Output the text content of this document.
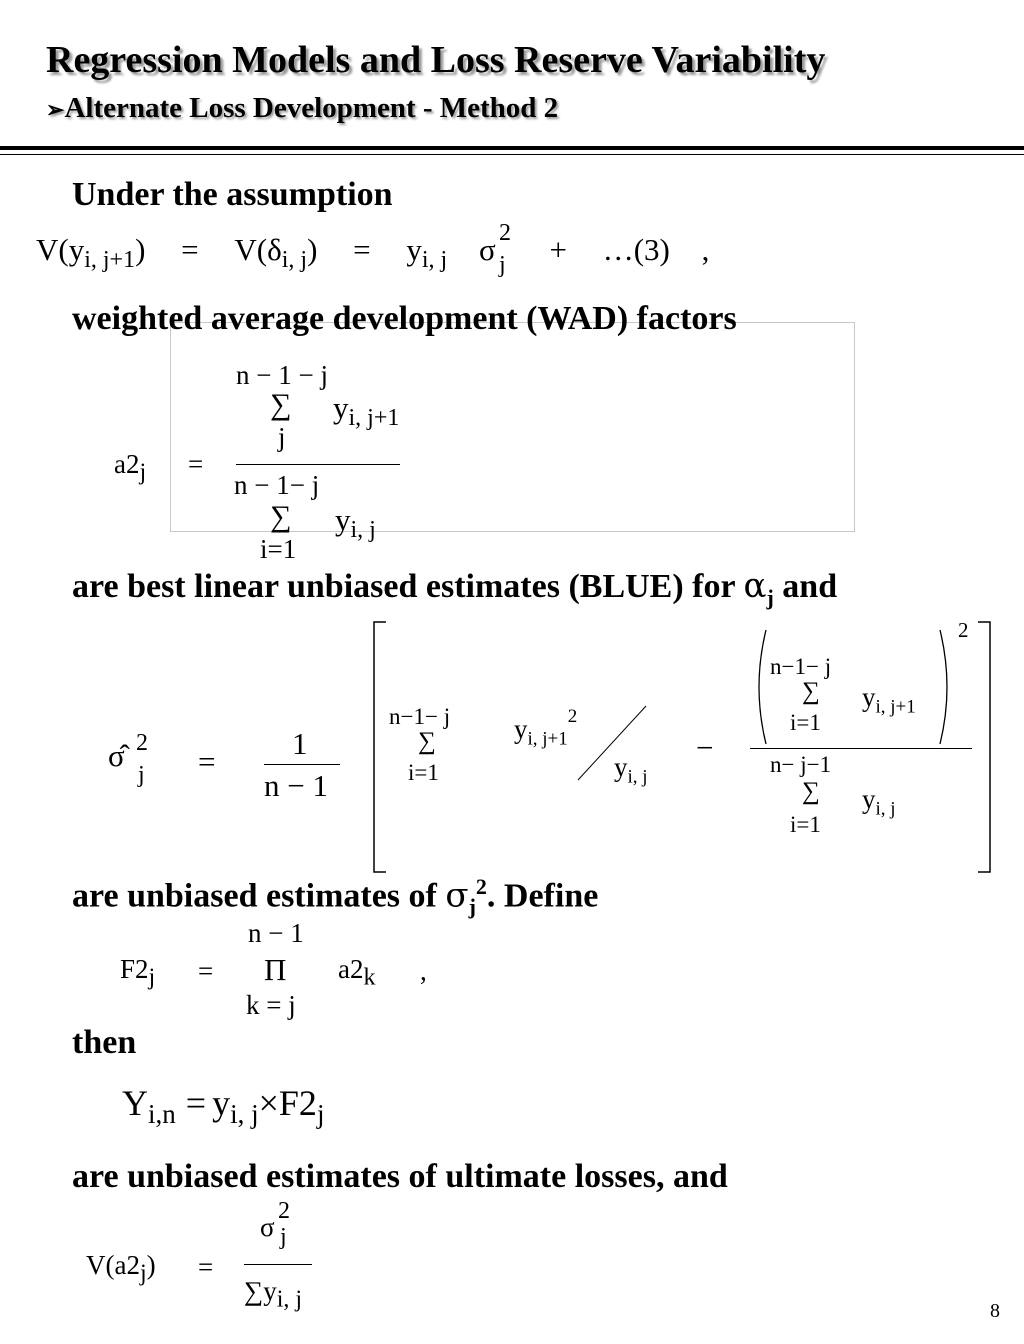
Regression Models and Loss Reserve Variability
➢Alternate Loss Development - Method 2
Under the assumption
$V(y_{i, j+1}) = V(\delta_{i, j}) = y_{i, j}$ σ 2
j + …(3) ,
weighted average development (WAD) factors
$a2_j$ =
n − 1 − j
∑
j
$y_{i, j+1}$
n − 1− j
∑
i=1
$y_{i, j}$
are best linear unbiased estimates (BLUE) for $\alpha_j$ and
σ̂ 2
j =
1
n − 1
n−1− j
∑
i=1
$y_{i, j+1}^2$
$y_{i, j}$
−
2
n−1− j
∑
i=1
$y_{i, j+1}$
n− j−1
∑
i=1
$y_{i, j}$
are unbiased estimates of $\sigma_j^2$. Define
$F2_j$ =
n − 1
Π
k = j
$a2_k$ ,
then
$Y_{i,n} = y_{i, j}\times F2_j$
are unbiased estimates of ultimate losses, and
$V(a2_j)$ =
σ
2
j
$\sum y_{i, j}$	8
